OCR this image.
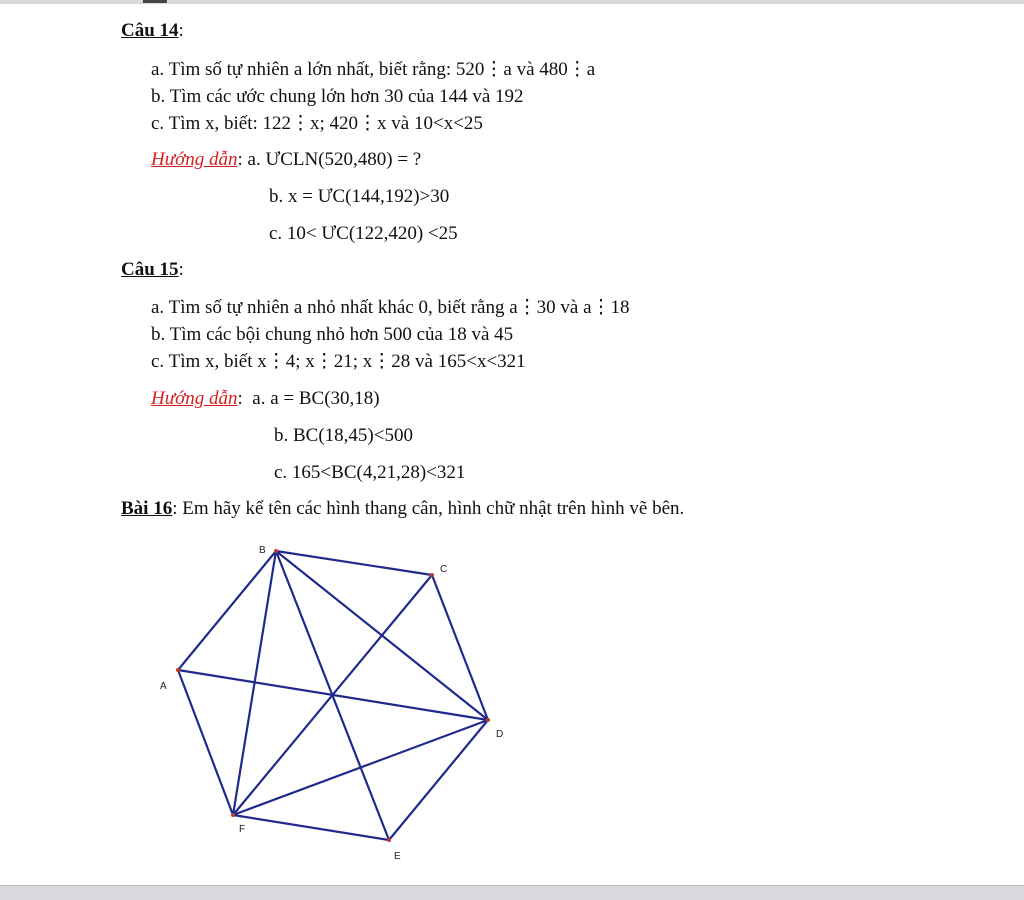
Câu 14:
a. Tìm số tự nhiên a lớn nhất, biết rằng: 520⋮a và 480⋮a
b. Tìm các ước chung lớn hơn 30 của 144 và 192
c. Tìm x, biết: 122⋮x; 420⋮x và 10<x<25
Hướng dẫn: a. ƯCLN(520,480) = ?
b. x = ƯC(144,192)>30
c. 10< ƯC(122,420) <25
Câu 15:
a. Tìm số tự nhiên a nhỏ nhất khác 0, biết rằng a⋮30 và a⋮18
b. Tìm các bội chung nhỏ hơn 500 của 18 và 45
c. Tìm x, biết x⋮4; x⋮21; x⋮28 và 165<x<321
Hướng dẫn: a. a = BC(30,18)
b. BC(18,45)<500
c. 165<BC(4,21,28)<321
Bài 16: Em hãy kể tên các hình thang cân, hình chữ nhật trên hình vẽ bên.
A
B
C
D
E
F
